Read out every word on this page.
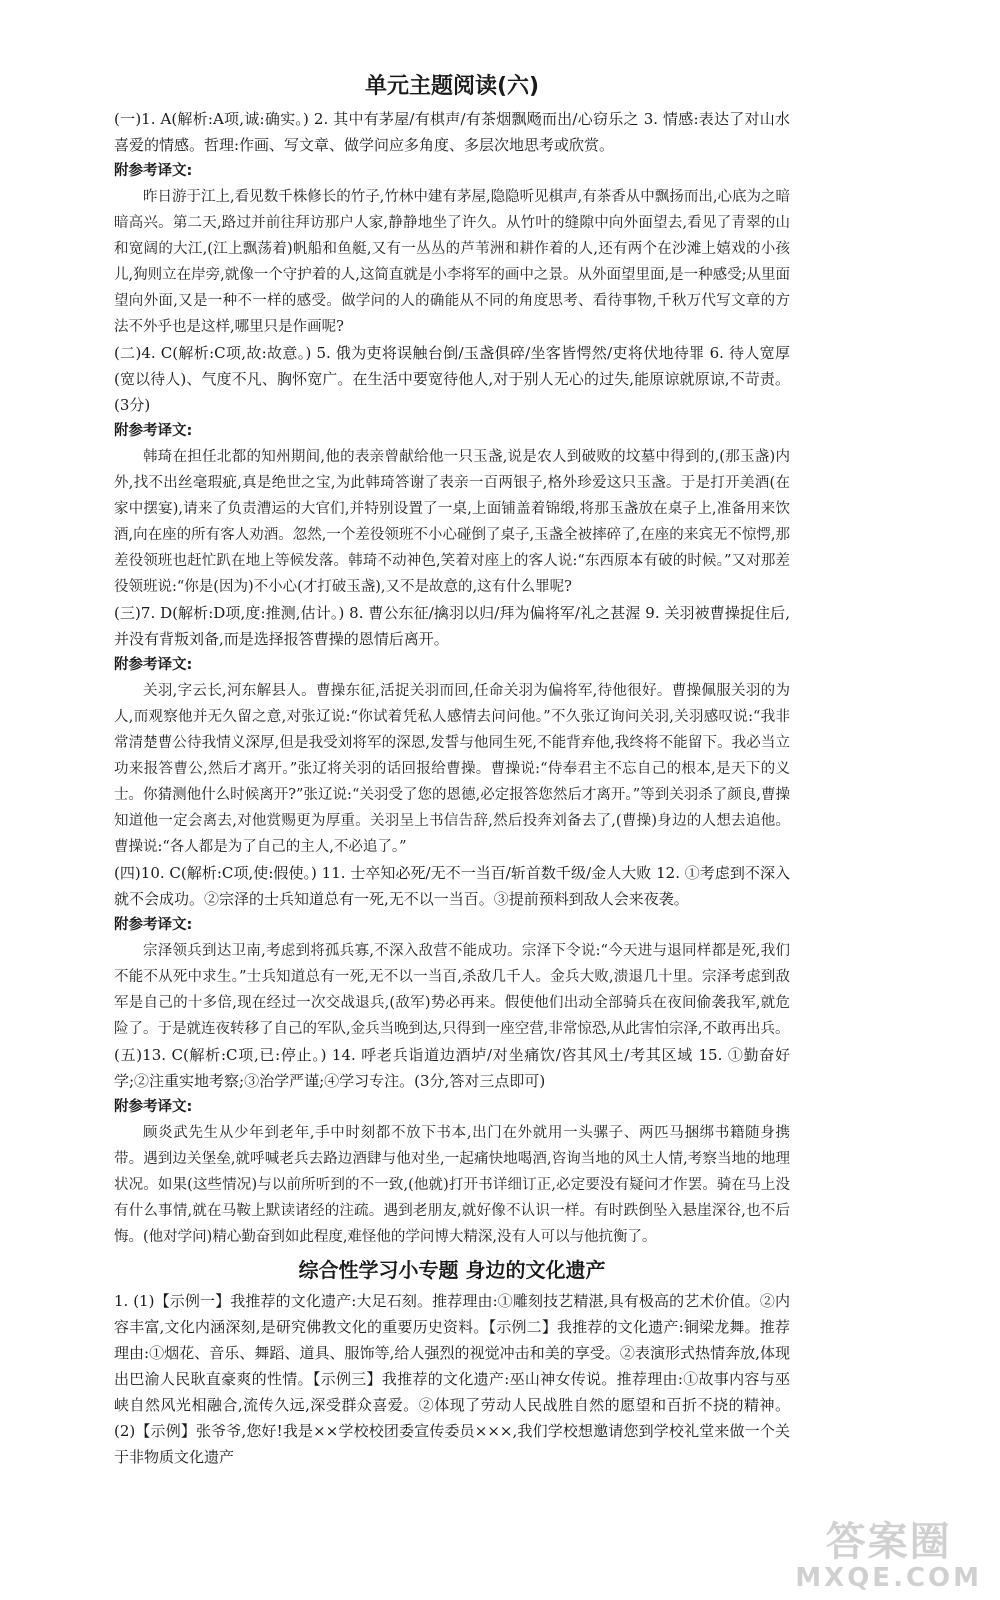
单元主题阅读(六)

(一)1. A(解析:A项,诚:确实。) 2. 其中有茅屋/有棋声/有茶烟飘飏而出/心窃乐之 3. 情感:表达了对山水喜爱的情感。哲理:作画、写文章、做学问应多角度、多层次地思考或欣赏。

附参考译文:

昨日游于江上,看见数千株修长的竹子,竹林中建有茅屋,隐隐听见棋声,有茶香从中飘扬而出,心底为之暗暗高兴。第二天,路过并前往拜访那户人家,静静地坐了许久。从竹叶的缝隙中向外面望去,看见了青翠的山和宽阔的大江,(江上飘荡着)帆船和鱼艇,又有一丛丛的芦苇洲和耕作着的人,还有两个在沙滩上嬉戏的小孩儿,狗则立在岸旁,就像一个守护着的人,这简直就是小李将军的画中之景。从外面望里面,是一种感受;从里面望向外面,又是一种不一样的感受。做学问的人的确能从不同的角度思考、看待事物,千秋万代写文章的方法不外乎也是这样,哪里只是作画呢?

(二)4. C(解析:C项,故:故意。) 5. 俄为吏将误触台倒/玉盏俱碎/坐客皆愕然/吏将伏地待罪 6. 待人宽厚(宽以待人)、气度不凡、胸怀宽广。在生活中要宽待他人,对于别人无心的过失,能原谅就原谅,不苛责。(3分)

附参考译文:

韩琦在担任北都的知州期间,他的表亲曾献给他一只玉盏,说是农人到破败的坟墓中得到的,(那玉盏)内外,找不出丝毫瑕疵,真是绝世之宝,为此韩琦答谢了表亲一百两银子,格外珍爱这只玉盏。于是打开美酒(在家中摆宴),请来了负责漕运的大官们,并特别设置了一桌,上面铺盖着锦缎,将那玉盏放在桌子上,准备用来饮酒,向在座的所有客人劝酒。忽然,一个差役领班不小心碰倒了桌子,玉盏全被摔碎了,在座的来宾无不惊愕,那差役领班也赶忙趴在地上等候发落。韩琦不动神色,笑着对座上的客人说:“东西原本有破的时候。”又对那差役领班说:“你是(因为)不小心(才打破玉盏),又不是故意的,这有什么罪呢?

(三)7. D(解析:D项,度:推测,估计。) 8. 曹公东征/擒羽以归/拜为偏将军/礼之甚渥 9. 关羽被曹操捉住后,并没有背叛刘备,而是选择报答曹操的恩情后离开。

附参考译文:

关羽,字云长,河东解县人。曹操东征,活捉关羽而回,任命关羽为偏将军,待他很好。曹操佩服关羽的为人,而观察他并无久留之意,对张辽说:“你试着凭私人感情去问问他。”不久张辽询问关羽,关羽感叹说:“我非常清楚曹公待我情义深厚,但是我受刘将军的深恩,发誓与他同生死,不能背弃他,我终将不能留下。我必当立功来报答曹公,然后才离开。”张辽将关羽的话回报给曹操。曹操说:“侍奉君主不忘自己的根本,是天下的义士。你猜测他什么时候离开?”张辽说:“关羽受了您的恩德,必定报答您然后才离开。”等到关羽杀了颜良,曹操知道他一定会离去,对他赏赐更为厚重。关羽呈上书信告辞,然后投奔刘备去了,(曹操)身边的人想去追他。曹操说:“各人都是为了自己的主人,不必追了。”

(四)10. C(解析:C项,使:假使。) 11. 士卒知必死/无不一当百/斩首数千级/金人大败 12. ①考虑到不深入就不会成功。②宗泽的士兵知道总有一死,无不以一当百。③提前预料到敌人会来夜袭。

附参考译文:

宗泽领兵到达卫南,考虑到将孤兵寡,不深入敌营不能成功。宗泽下令说:“今天进与退同样都是死,我们不能不从死中求生。”士兵知道总有一死,无不以一当百,杀敌几千人。金兵大败,溃退几十里。宗泽考虑到敌军是自己的十多倍,现在经过一次交战退兵,(敌军)势必再来。假使他们出动全部骑兵在夜间偷袭我军,就危险了。于是就连夜转移了自己的军队,金兵当晚到达,只得到一座空营,非常惊恐,从此害怕宗泽,不敢再出兵。

(五)13. C(解析:C项,已:停止。) 14. 呼老兵诣道边酒垆/对坐痛饮/咨其风土/考其区域 15. ①勤奋好学;②注重实地考察;③治学严谨;④学习专注。(3分,答对三点即可)

附参考译文:

顾炎武先生从少年到老年,手中时刻都不放下书本,出门在外就用一头骡子、两匹马捆绑书籍随身携带。遇到边关堡垒,就呼喊老兵去路边酒肆与他对坐,一起痛快地喝酒,咨询当地的风土人情,考察当地的地理状况。如果(这些情况)与以前所听到的不一致,(他就)打开书详细订正,必定要没有疑问才作罢。骑在马上没有什么事情,就在马鞍上默读诸经的注疏。遇到老朋友,就好像不认识一样。有时跌倒坠入悬崖深谷,也不后悔。(他对学问)精心勤奋到如此程度,难怪他的学问博大精深,没有人可以与他抗衡了。

综合性学习小专题 身边的文化遗产

1. (1)【示例一】我推荐的文化遗产:大足石刻。推荐理由:①雕刻技艺精湛,具有极高的艺术价值。②内容丰富,文化内涵深刻,是研究佛教文化的重要历史资料。【示例二】我推荐的文化遗产:铜梁龙舞。推荐理由:①烟花、音乐、舞蹈、道具、服饰等,给人强烈的视觉冲击和美的享受。②表演形式热情奔放,体现出巴渝人民耿直豪爽的性情。【示例三】我推荐的文化遗产:巫山神女传说。推荐理由:①故事内容与巫峡自然风光相融合,流传久远,深受群众喜爱。②体现了劳动人民战胜自然的愿望和百折不挠的精神。 (2)【示例】张爷爷,您好!我是××学校校团委宣传委员×××,我们学校想邀请您到学校礼堂来做一个关于非物质文化遗产

答案圈
MXQE.COM
